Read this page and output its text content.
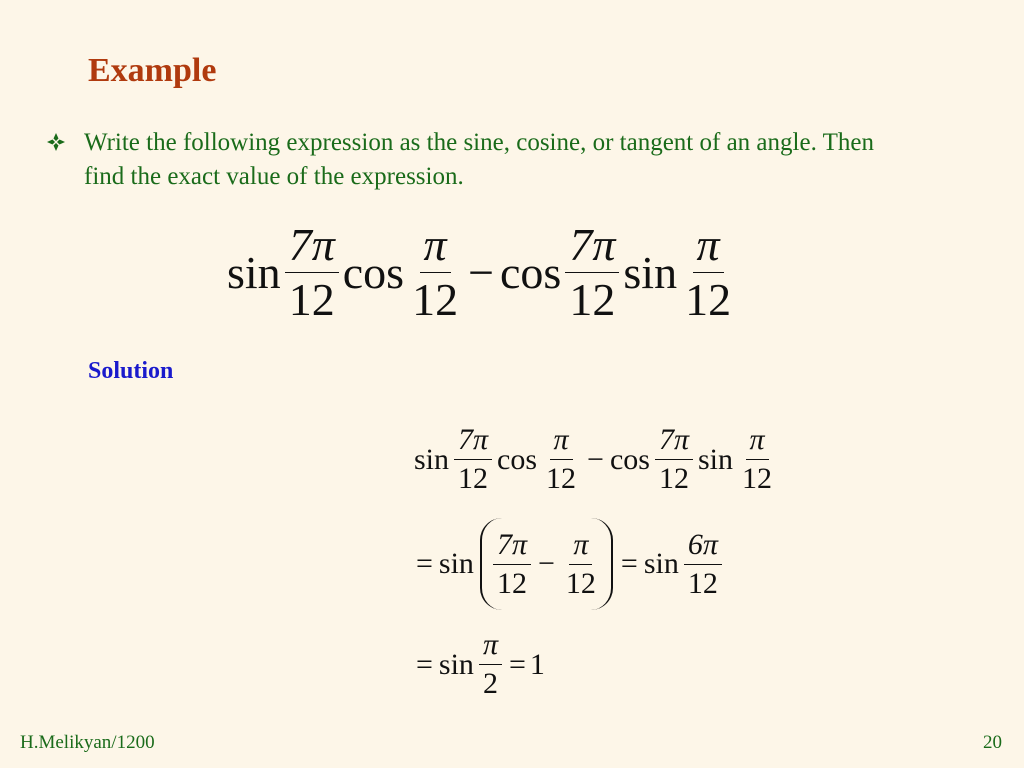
Example
Write the following expression as the sine, cosine, or tangent of an angle. Then find the exact value of the expression.
$\sin \frac{7\pi}{12}$ $\cos \frac{\pi}{12} - \cos \frac{7\pi}{12}$ $\sin \frac{\pi}{12}$
Solution
$\sin \frac{7\pi}{12}$ $\cos \frac{\pi}{12} - \cos \frac{7\pi}{12}$ $\sin \frac{\pi}{12}$
= $\sin \frac{7\pi}{12} - \frac{\pi}{12} = \sin \frac{6\pi}{12}$
= $\sin \frac{\pi}{2} = 1$
H.Melikyan/1200	20
